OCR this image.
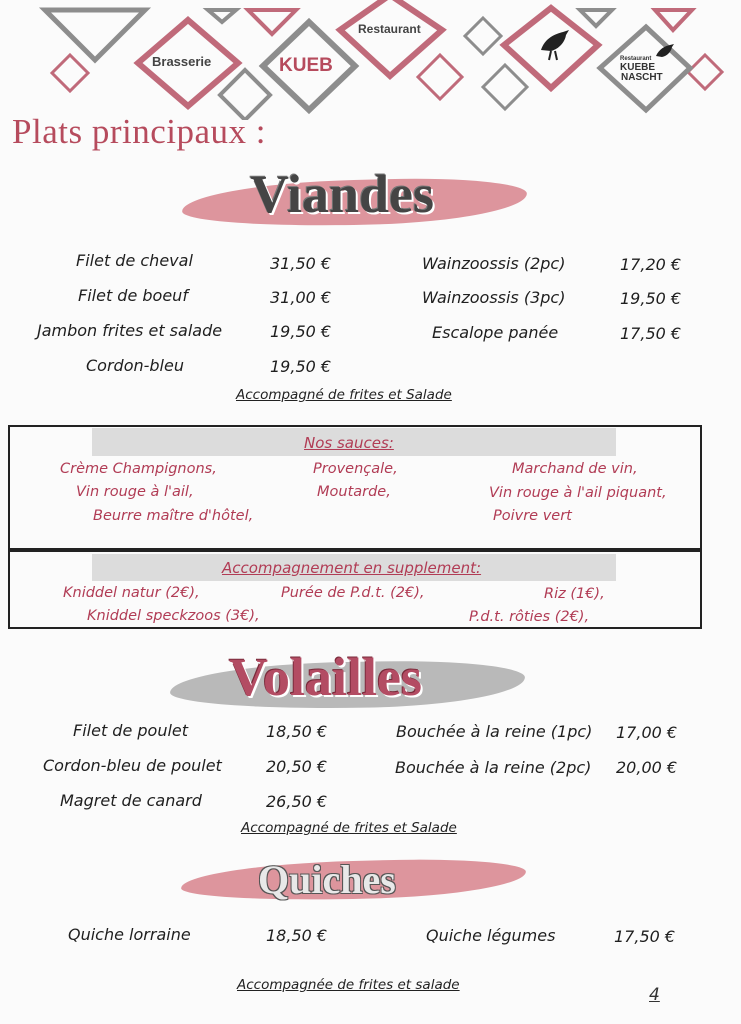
Brasserie	KUEB
Restaurant
Restaurant
KUEBE
NASCHT
Plats principaux :
Viandes
Filet de cheval	31,50 €
Filet de boeuf	31,00 €
Jambon frites et salade	19,50 €
Cordon-bleu	19,50 €
Wainzoossis (2pc)	17,20 €
Wainzoossis (3pc)	19,50 €
Escalope panée	17,50 €
Accompagné de frites et Salade
Nos sauces:
Crème Champignons,
Vin rouge à l'ail,
Beurre maître d'hôtel,
Provençale,
Moutarde,
Marchand de vin,
Vin rouge à l'ail piquant,
Poivre vert
Accompagnement en supplement:
Kniddel natur (2€),	Purée de P.d.t. (2€),	Riz (1€),
Kniddel speckzoos (3€),	P.d.t. rôties (2€),
Volailles
Filet de poulet	18,50 €
Cordon-bleu de poulet	20,50 €
Magret de canard	26,50 €
Bouchée à la reine (1pc) 17,00 €
Bouchée à la reine (2pc) 20,00 €
Accompagné de frites et Salade
Quiches
Quiche lorraine	18,50 €	Quiche légumes	17,50 €
Accompagnée de frites et salade	4
